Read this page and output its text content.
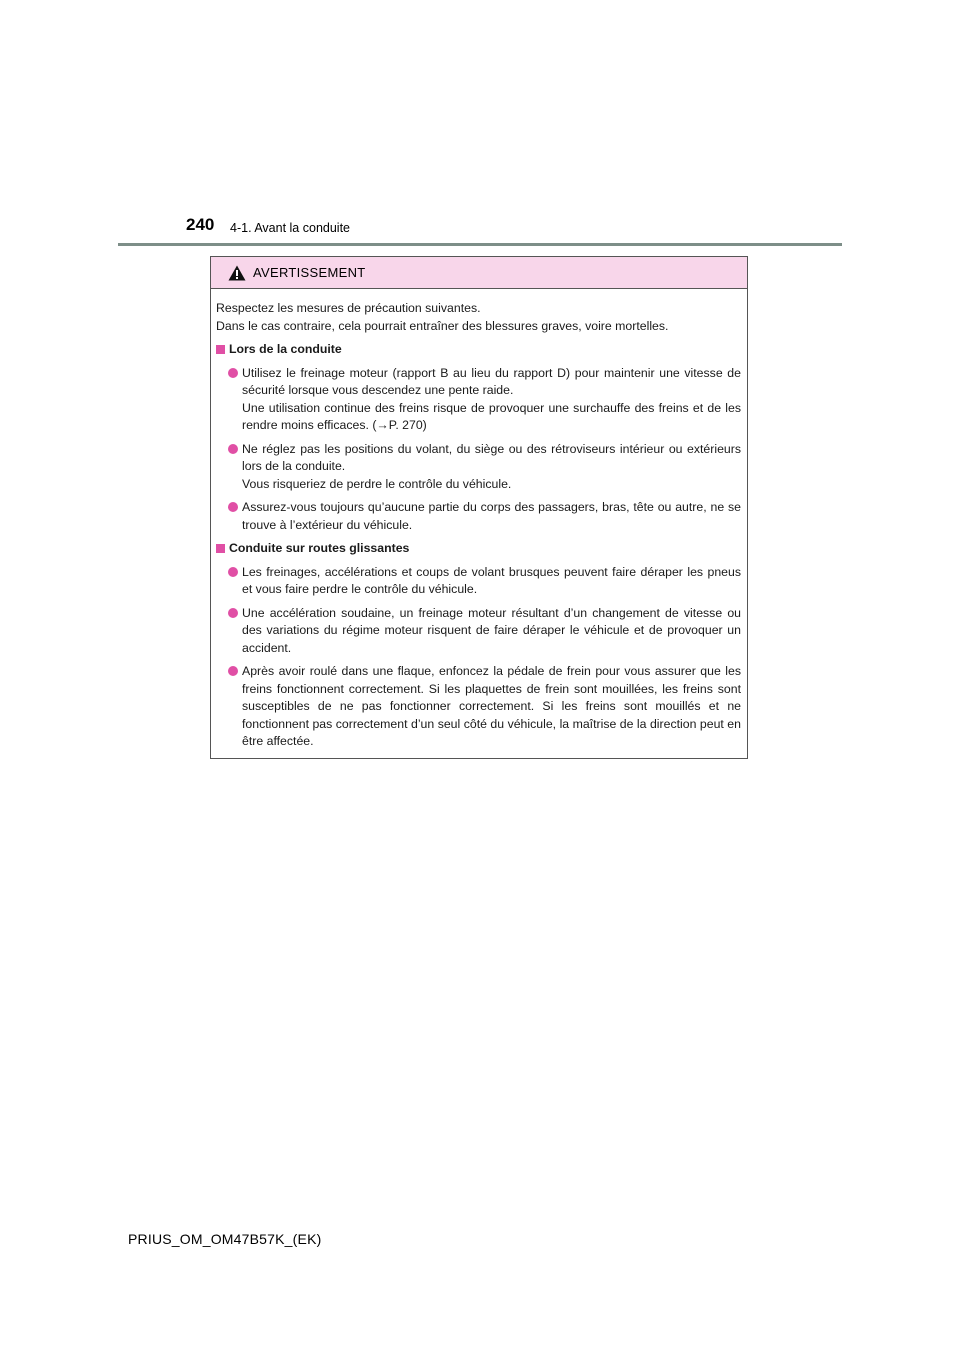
240 4-1. Avant la conduite
AVERTISSEMENT

Respectez les mesures de précaution suivantes.

Dans le cas contraire, cela pourrait entraîner des blessures graves, voire mortelles.

Lors de la conduite

Utilisez le freinage moteur (rapport B au lieu du rapport D) pour maintenir une vitesse de sécurité lorsque vous descendez une pente raide.

Une utilisation continue des freins risque de provoquer une surchauffe des freins et de les rendre moins efficaces. (→P. 270)

Ne réglez pas les positions du volant, du siège ou des rétroviseurs intérieur ou extérieurs lors de la conduite.

Vous risqueriez de perdre le contrôle du véhicule.

Assurez-vous toujours qu’aucune partie du corps des passagers, bras, tête ou autre, ne se trouve à l’extérieur du véhicule.

Conduite sur routes glissantes

Les freinages, accélérations et coups de volant brusques peuvent faire déraper les pneus et vous faire perdre le contrôle du véhicule.

Une accélération soudaine, un freinage moteur résultant d’un changement de vitesse ou des variations du régime moteur risquent de faire déraper le véhicule et de provoquer un accident.

Après avoir roulé dans une flaque, enfoncez la pédale de frein pour vous assurer que les freins fonctionnent correctement. Si les plaquettes de frein sont mouillées, les freins sont susceptibles de ne pas fonctionner correctement. Si les freins sont mouillés et ne fonctionnent pas correctement d’un seul côté du véhicule, la maîtrise de la direction peut en être affectée.

PRIUS_OM_OM47B57K_(EK)
